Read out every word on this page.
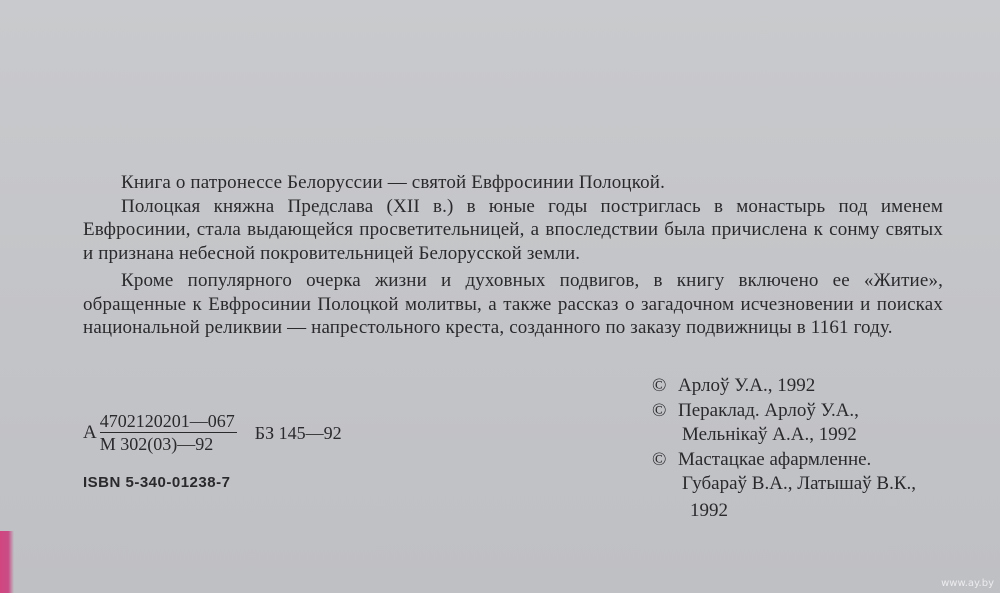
Книга о патронессе Белоруссии — святой Евфросинии Полоцкой.

Полоцкая княжна Предслава (XII в.) в юные годы постриглась в монастырь под именем Евфросинии, стала выдающейся просветительницей, а впоследствии была причислена к сонму святых и признана небесной покровительницей Белорусской земли.

Кроме популярного очерка жизни и духовных подвигов, в книгу включено ее «Житие», обращенные к Евфросинии Полоцкой молитвы, а также рассказ о загадочном исчезновении и поисках национальной реликвии — напрестольного креста, созданного по заказу подвижницы в 1161 году.

А $\frac{4702120201—067}{М 302(03)—92}$ БЗ 145—92
ISBN 5-340-01238-7
© Арлоў У.А., 1992
© Пераклад. Арлоў У.А.,
Мельнікаў А.А., 1992
© Мастацкае афармленне.
Губараў В.А., Латышаў В.К.,
1992
www.ay.by
